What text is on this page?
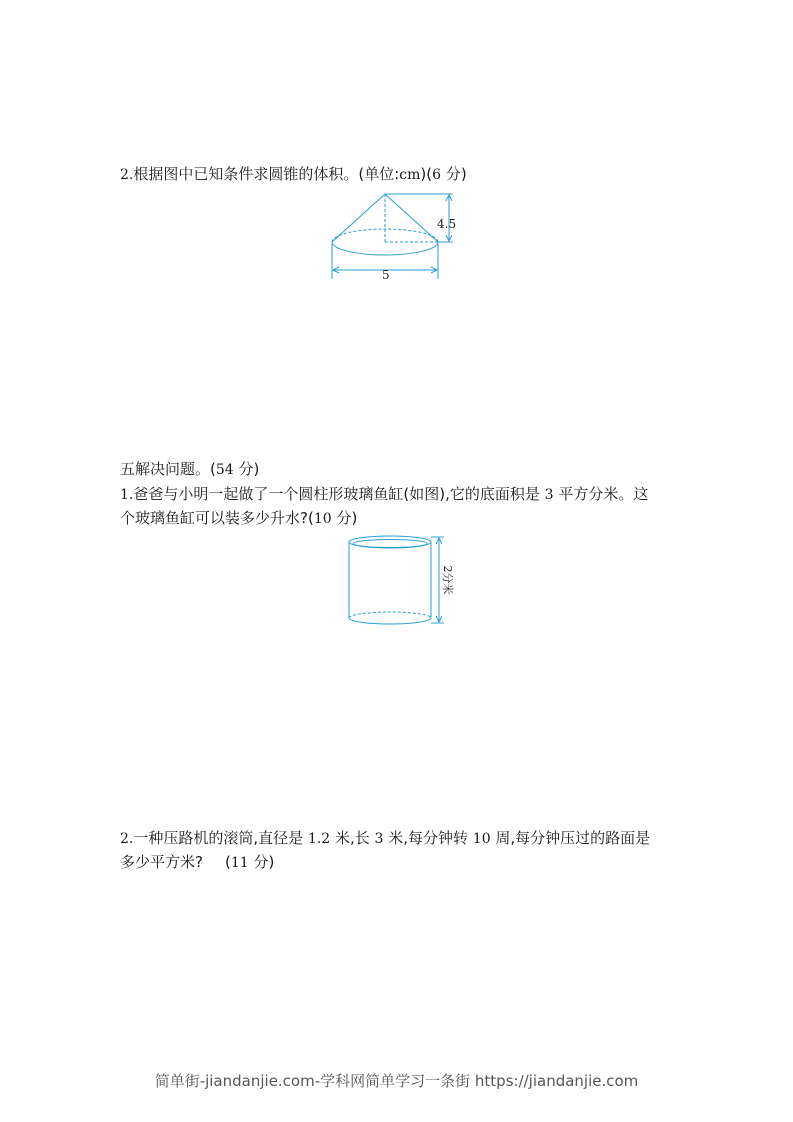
2.根据图中已知条件求圆锥的体积。(单位:cm)(6 分)
4.5
5
五解决问题。(54 分)
1.爸爸与小明一起做了一个圆柱形玻璃鱼缸(如图),它的底面积是 3 平方分米。这
个玻璃鱼缸可以装多少升水?(10 分)
2分米
2.一种压路机的滚筒,直径是 1.2 米,长 3 米,每分钟转 10 周,每分钟压过的路面是
多少平方米? (11 分)
简单街-jiandanjie.com-学科网简单学习一条街 https://jiandanjie.com
